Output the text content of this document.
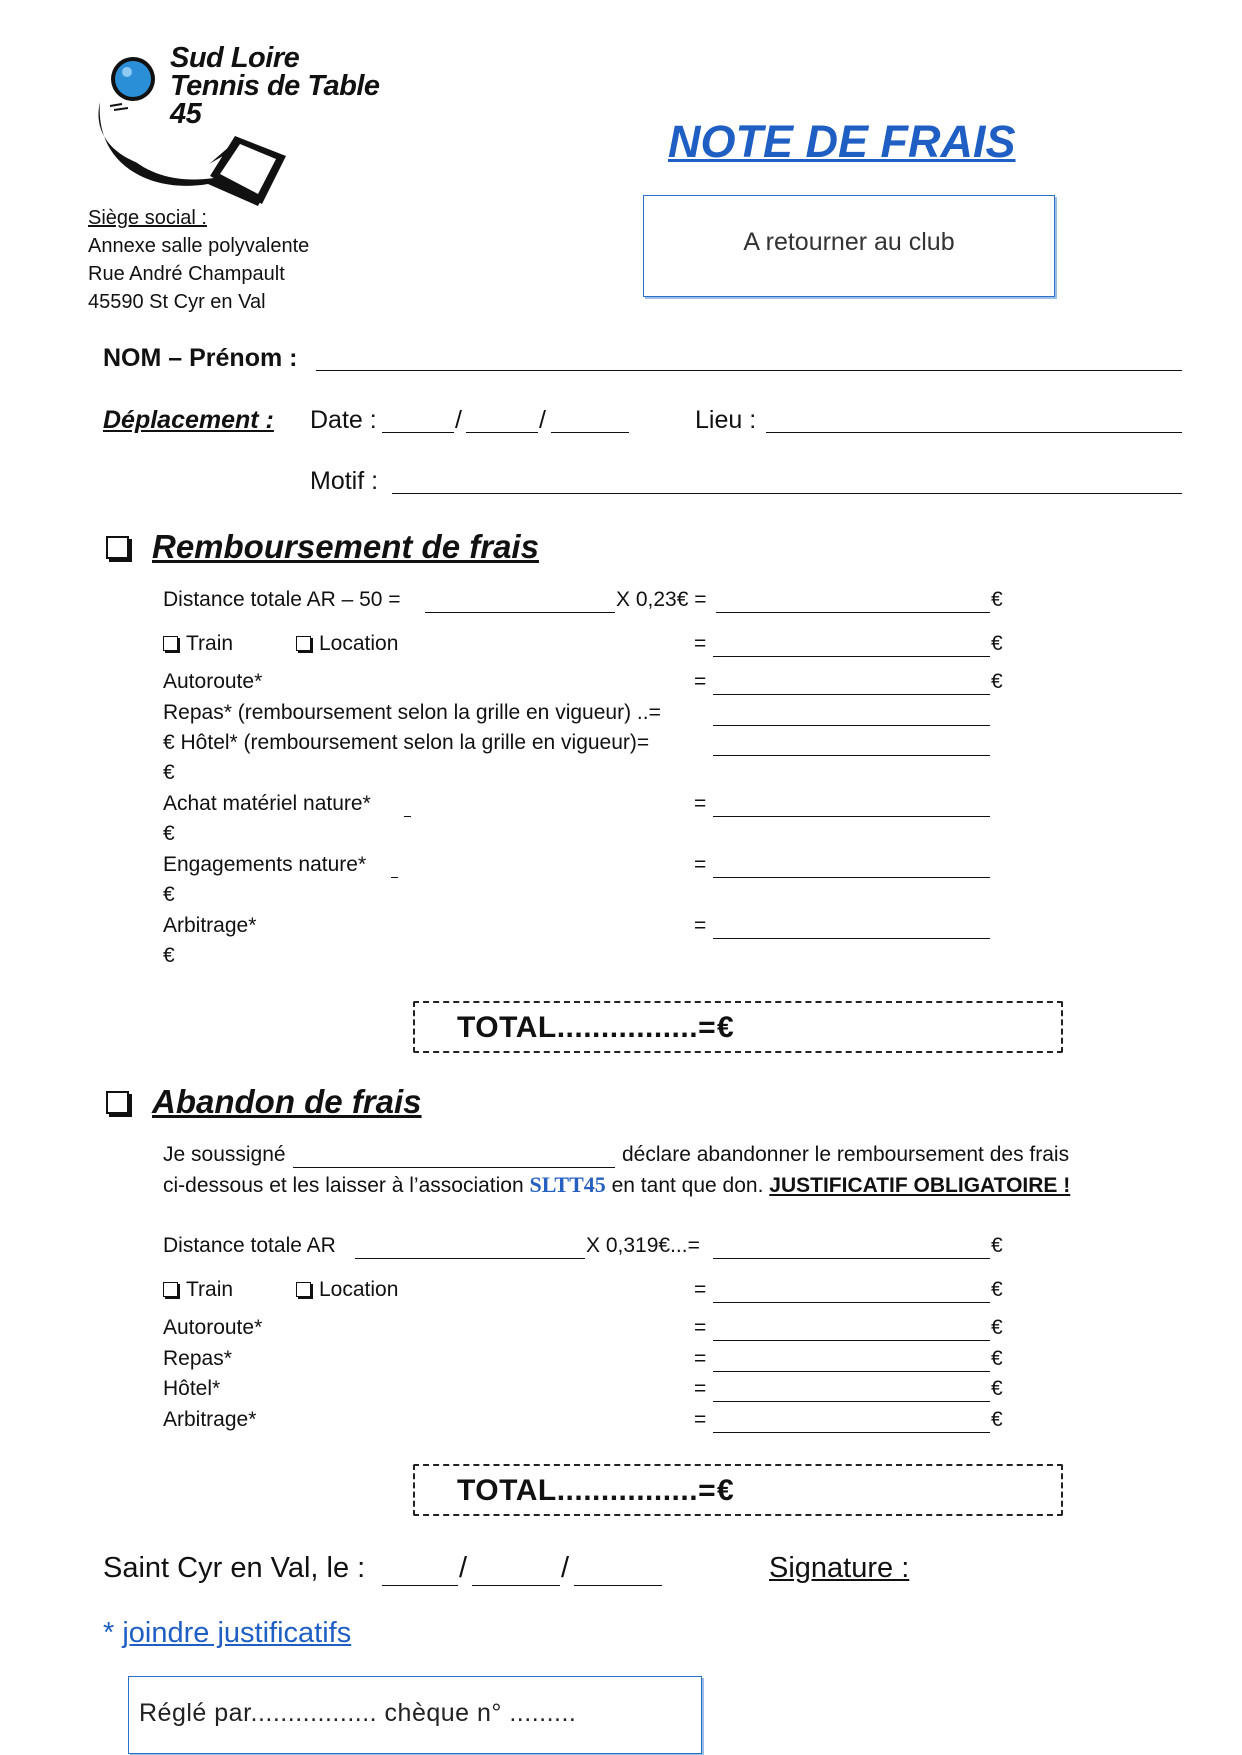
Sud Loire
Tennis de Table
45
Siège social :
Annexe salle polyvalente
Rue André Champault
45590 St Cyr en Val
NOTE DE FRAIS
A retourner au club
NOM – Prénom :
Déplacement : Date :	/	/	Lieu :
Motif :
Remboursement de frais
Distance totale AR – 50 =	X 0,23€ =	€
Train	Location	=	€
Autoroute*	=	€
Repas* (remboursement selon la grille en vigueur) ..=
€ Hôtel* (remboursement selon la grille en vigueur)=
€
Achat matériel nature*	=
€
Engagements nature*	=
€
Arbitrage*	=
€
TOTAL................= €
Abandon de frais
Je soussigné	déclare abandonner le remboursement des frais
ci-dessous et les laisser à l’association SLTT45 en tant que don. JUSTIFICATIF OBLIGATOIRE !
Distance totale AR	X 0,319€...=	€
Train	Location	=	€
Autoroute*	=	€
Repas*	=	€
Hôtel*	=	€
Arbitrage*	=	€
TOTAL................= €
Saint Cyr en Val, le :	/	/	Signature :
* joindre justificatifs
Réglé par................. chèque n° .........
